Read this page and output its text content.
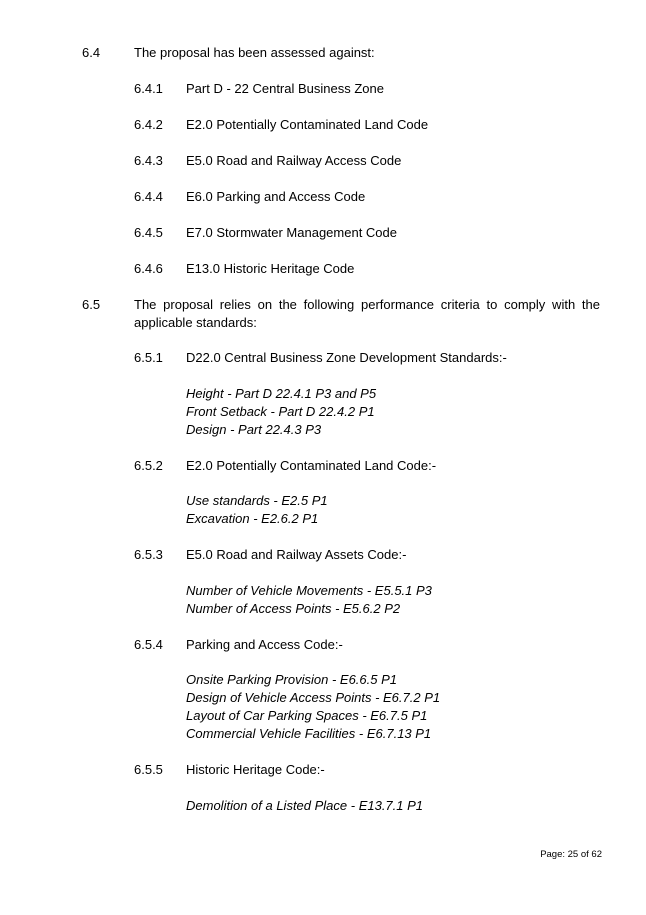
6.4	The proposal has been assessed against:
6.4.1 Part D - 22 Central Business Zone
6.4.2 E2.0 Potentially Contaminated Land Code
6.4.3 E5.0 Road and Railway Access Code
6.4.4 E6.0 Parking and Access Code
6.4.5 E7.0 Stormwater Management Code
6.4.6 E13.0 Historic Heritage Code
6.5	The proposal relies on the following performance criteria to comply with the
applicable standards:
6.5.1 D22.0 Central Business Zone Development Standards:-
Height - Part D 22.4.1 P3 and P5
Front Setback - Part D 22.4.2 P1
Design - Part 22.4.3 P3
6.5.2 E2.0 Potentially Contaminated Land Code:-
Use standards - E2.5 P1
Excavation - E2.6.2 P1
6.5.3 E5.0 Road and Railway Assets Code:-
Number of Vehicle Movements - E5.5.1 P3
Number of Access Points - E5.6.2 P2
6.5.4 Parking and Access Code:-
Onsite Parking Provision - E6.6.5 P1
Design of Vehicle Access Points - E6.7.2 P1
Layout of Car Parking Spaces - E6.7.5 P1
Commercial Vehicle Facilities - E6.7.13 P1
6.5.5 Historic Heritage Code:-
Demolition of a Listed Place - E13.7.1 P1
Page: 25 of 62
